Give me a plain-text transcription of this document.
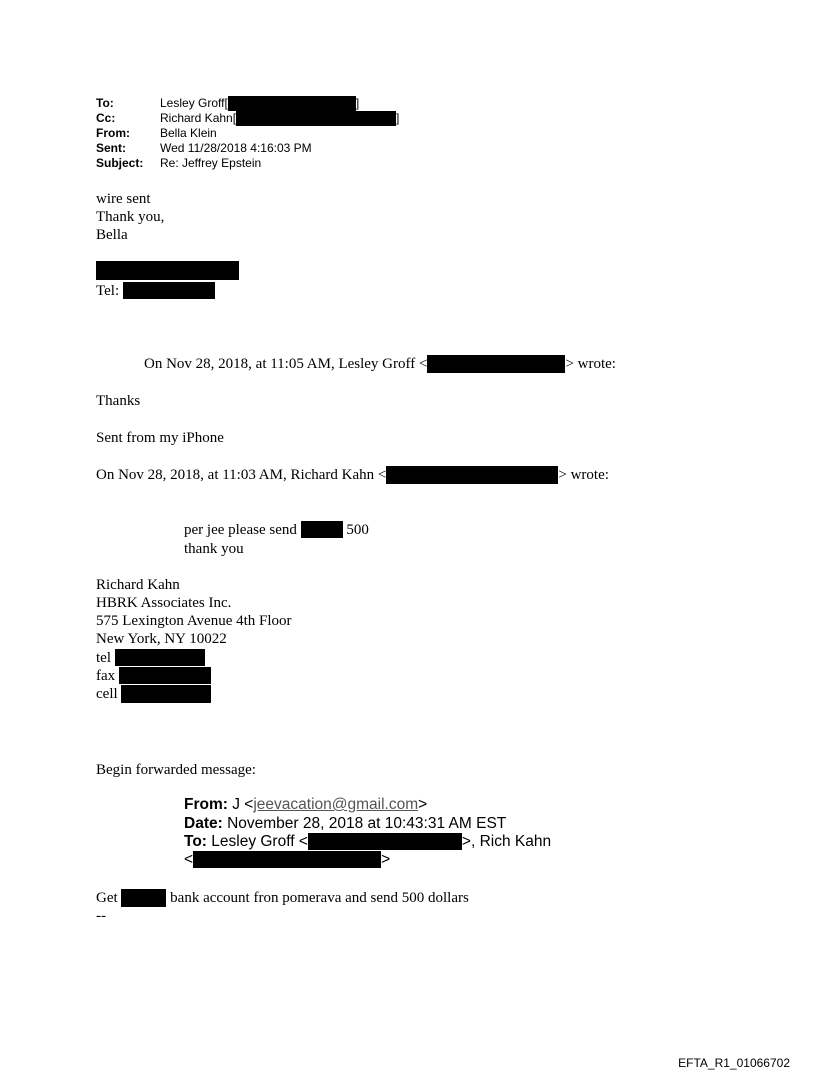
To:	Lesley Groff[	]
Cc:	Richard Kahn[	]
From:	Bella Klein
Sent:	Wed 11/28/2018 4:16:03 PM
Subject: Re: Jeffrey Epstein
wire sent
Thank you,
Bella
Tel:
On Nov 28, 2018, at 11:05 AM, Lesley Groff <	> wrote:
Thanks
Sent from my iPhone
On Nov 28, 2018, at 11:03 AM, Richard Kahn <	> wrote:
per jee please send	500
thank you
Richard Kahn
HBRK Associates Inc.
575 Lexington Avenue 4th Floor
New York, NY 10022
tel
fax
cell
Begin forwarded message:
From: J <jeevacation@gmail.com>
Date: November 28, 2018 at 10:43:31 AM EST
To: Lesley Groff <	>, Rich Kahn
<	>
Get	bank account fron pomerava and send 500 dollars
--
EFTA_R1_01066702
